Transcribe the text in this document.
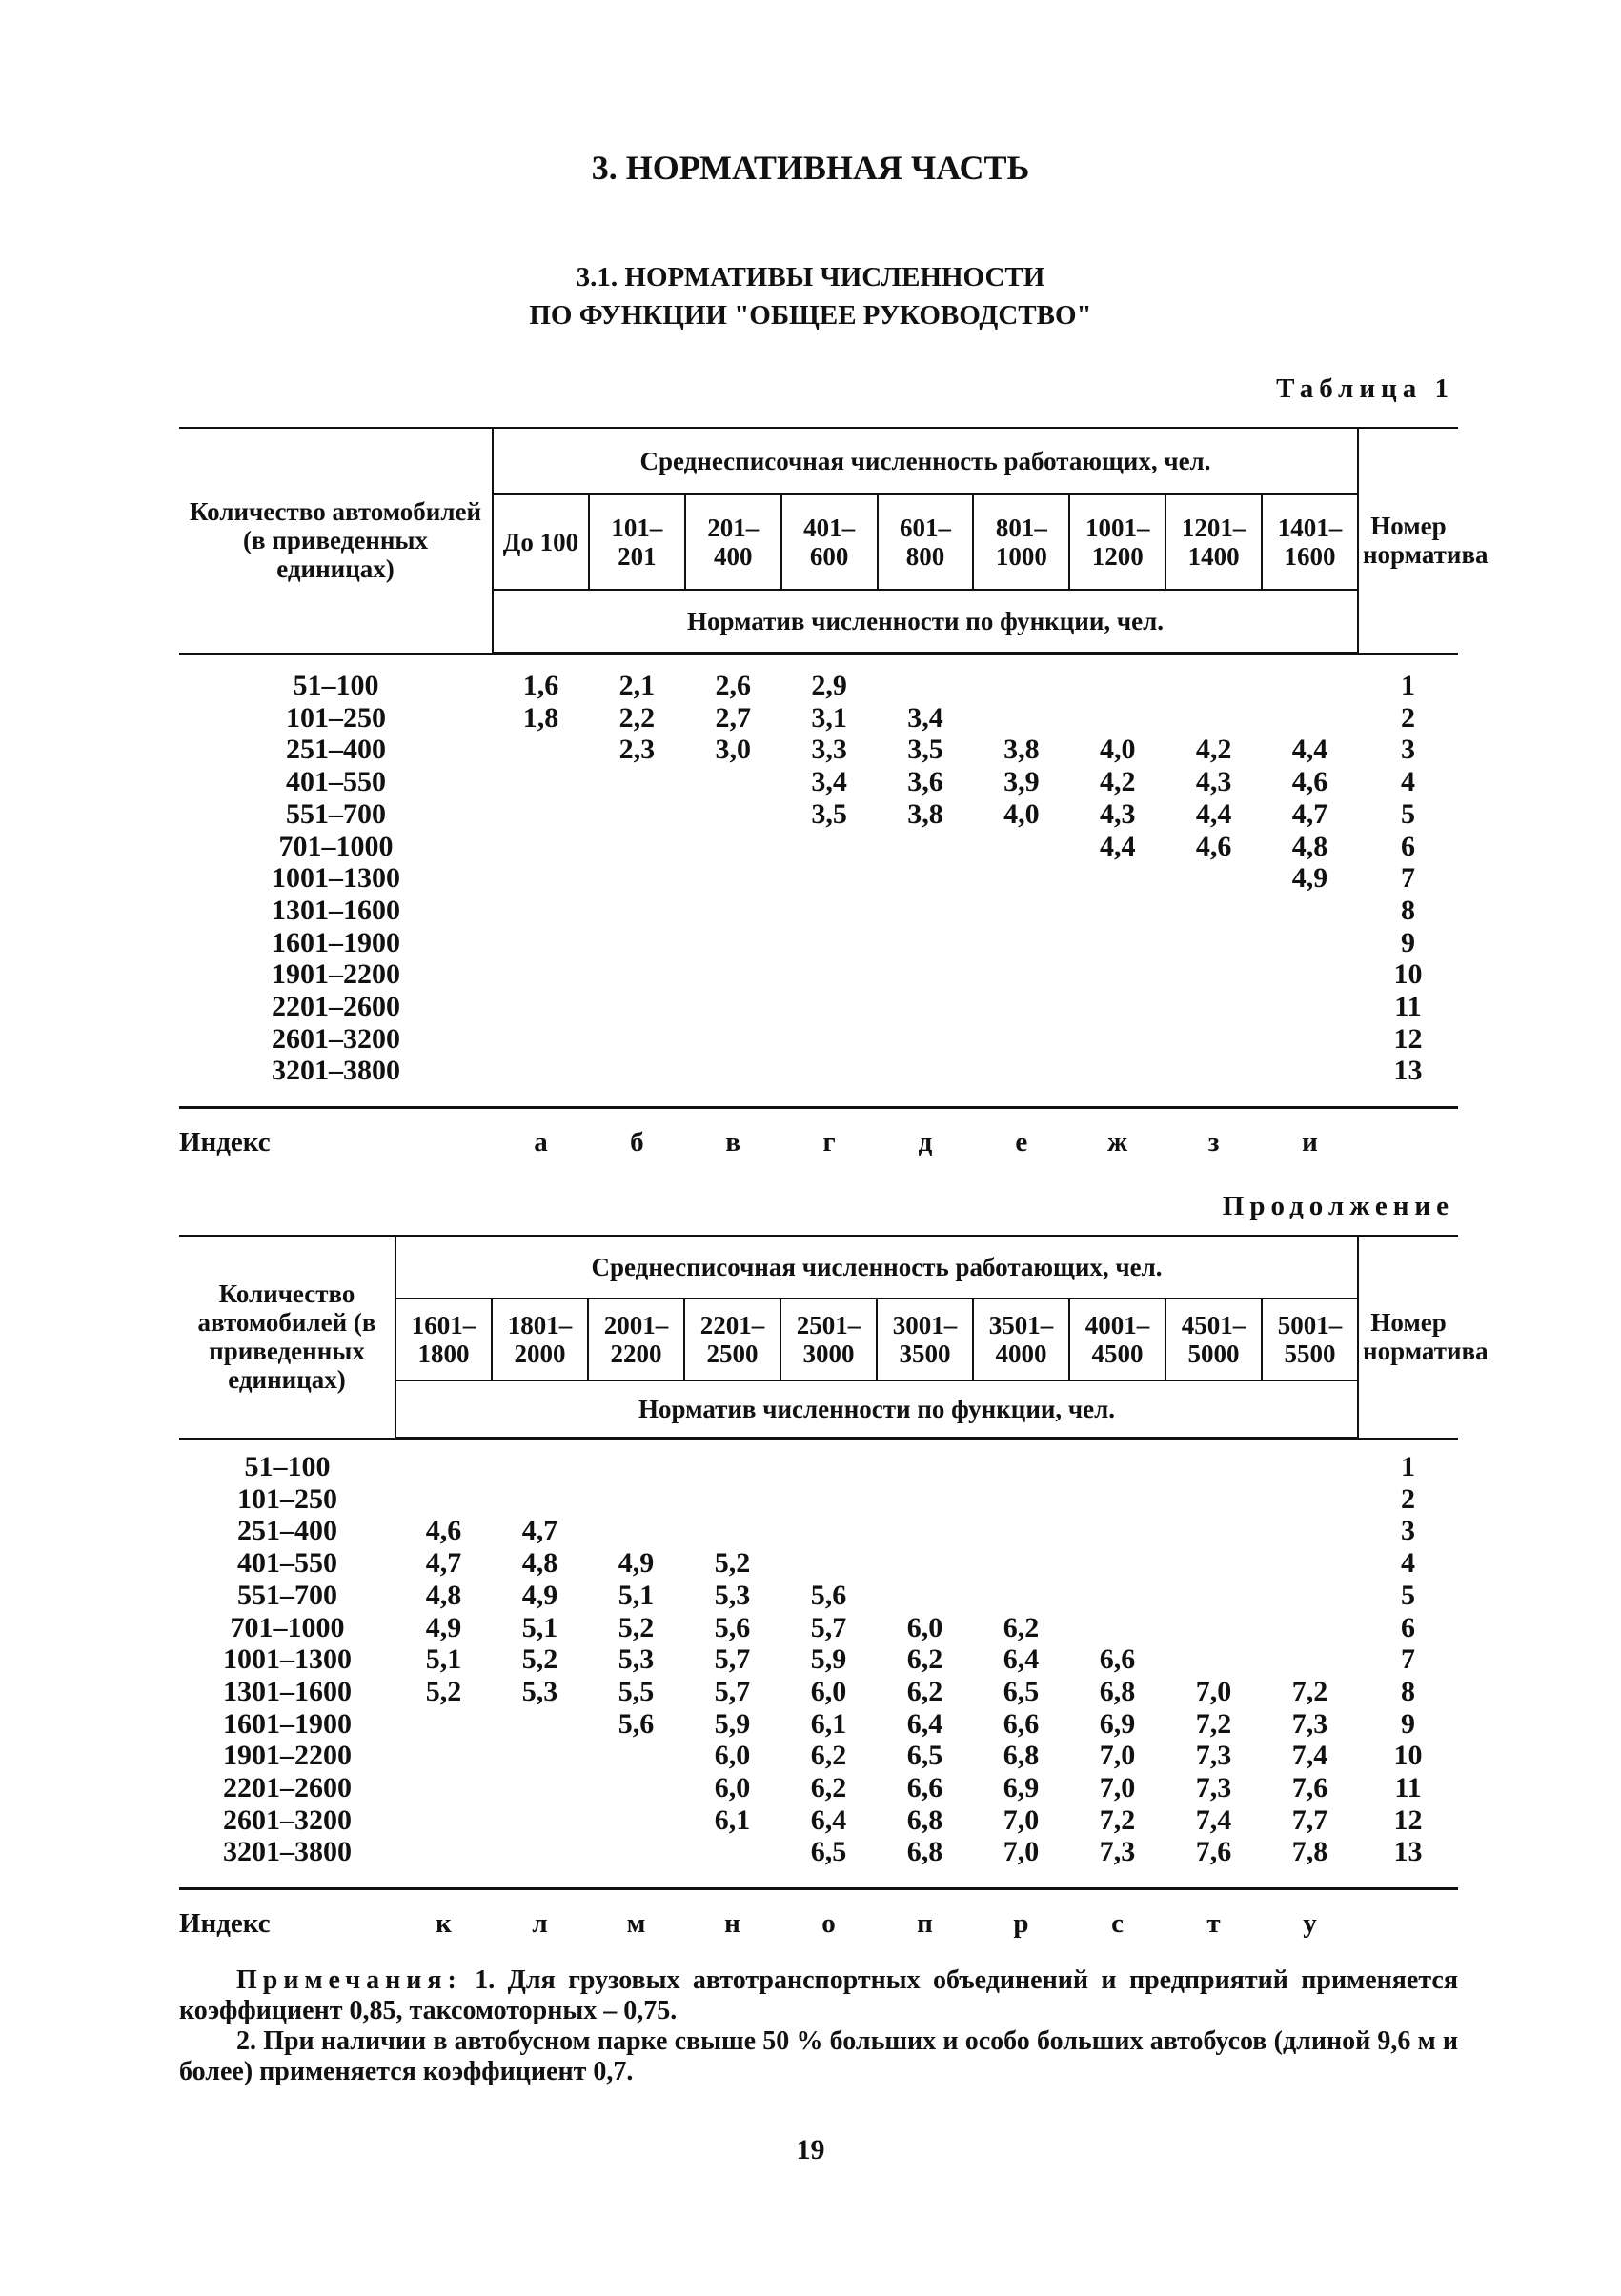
3. НОРМАТИВНАЯ ЧАСТЬ
3.1. НОРМАТИВЫ ЧИСЛЕННОСТИ
ПО ФУНКЦИИ "ОБЩЕЕ РУКОВОДСТВО"
Таблица 1
Продолжение

Примечания: 1. Для грузовых автотранспортных объединений и предприятий применяется коэффициент 0,85, таксомоторных – 0,75.

2. При наличии в автобусном парке свыше 50 % больших и особо больших автобусов (длиной 9,6 м и более) применяется коэффициент 0,7.

19
Количество автомобилей (в приведенных единицах)	Среднесписочная численность работающих, чел.									Номер норматива
	До 100	101– 201	201– 400	401– 600	601– 800	801– 1000	1001– 1200	1201– 1400	1401– 1600	
	Норматив численности по функции, чел.									
51–100	1,6	2,1	2,6	2,9						1
101–250	1,8	2,2	2,7	3,1	3,4					2
251–400		2,3	3,0	3,3	3,5	3,8	4,0	4,2	4,4	3
401–550				3,4	3,6	3,9	4,2	4,3	4,6	4
551–700				3,5	3,8	4,0	4,3	4,4	4,7	5
701–1000							4,4	4,6	4,8	6
1001–1300									4,9	7
1301–1600										8
1601–1900										9
1901–2200										10
2201–2600										11
2601–3200										12
3201–3800										13
Индекс	а	б	в	г	д	е	ж	з	и
Количество автомобилей (в приведенных единицах)	Среднесписочная численность работающих, чел.										Номер норматива
	1601– 1800	1801– 2000	2001– 2200	2201– 2500	2501– 3000	3001– 3500	3501– 4000	4001– 4500	4501– 5000	5001– 5500	
	Норматив численности по функции, чел.										
51–100											1
101–250											2
251–400	4,6	4,7									3
401–550	4,7	4,8	4,9	5,2							4
551–700	4,8	4,9	5,1	5,3	5,6						5
701–1000	4,9	5,1	5,2	5,6	5,7	6,0	6,2				6
1001–1300	5,1	5,2	5,3	5,7	5,9	6,2	6,4	6,6			7
1301–1600	5,2	5,3	5,5	5,7	6,0	6,2	6,5	6,8	7,0	7,2	8
1601–1900			5,6	5,9	6,1	6,4	6,6	6,9	7,2	7,3	9
1901–2200				6,0	6,2	6,5	6,8	7,0	7,3	7,4	10
2201–2600				6,0	6,2	6,6	6,9	7,0	7,3	7,6	11
2601–3200				6,1	6,4	6,8	7,0	7,2	7,4	7,7	12
3201–3800					6,5	6,8	7,0	7,3	7,6	7,8	13
Индекс	к	л	м	н	о	п	р	с	т	у
